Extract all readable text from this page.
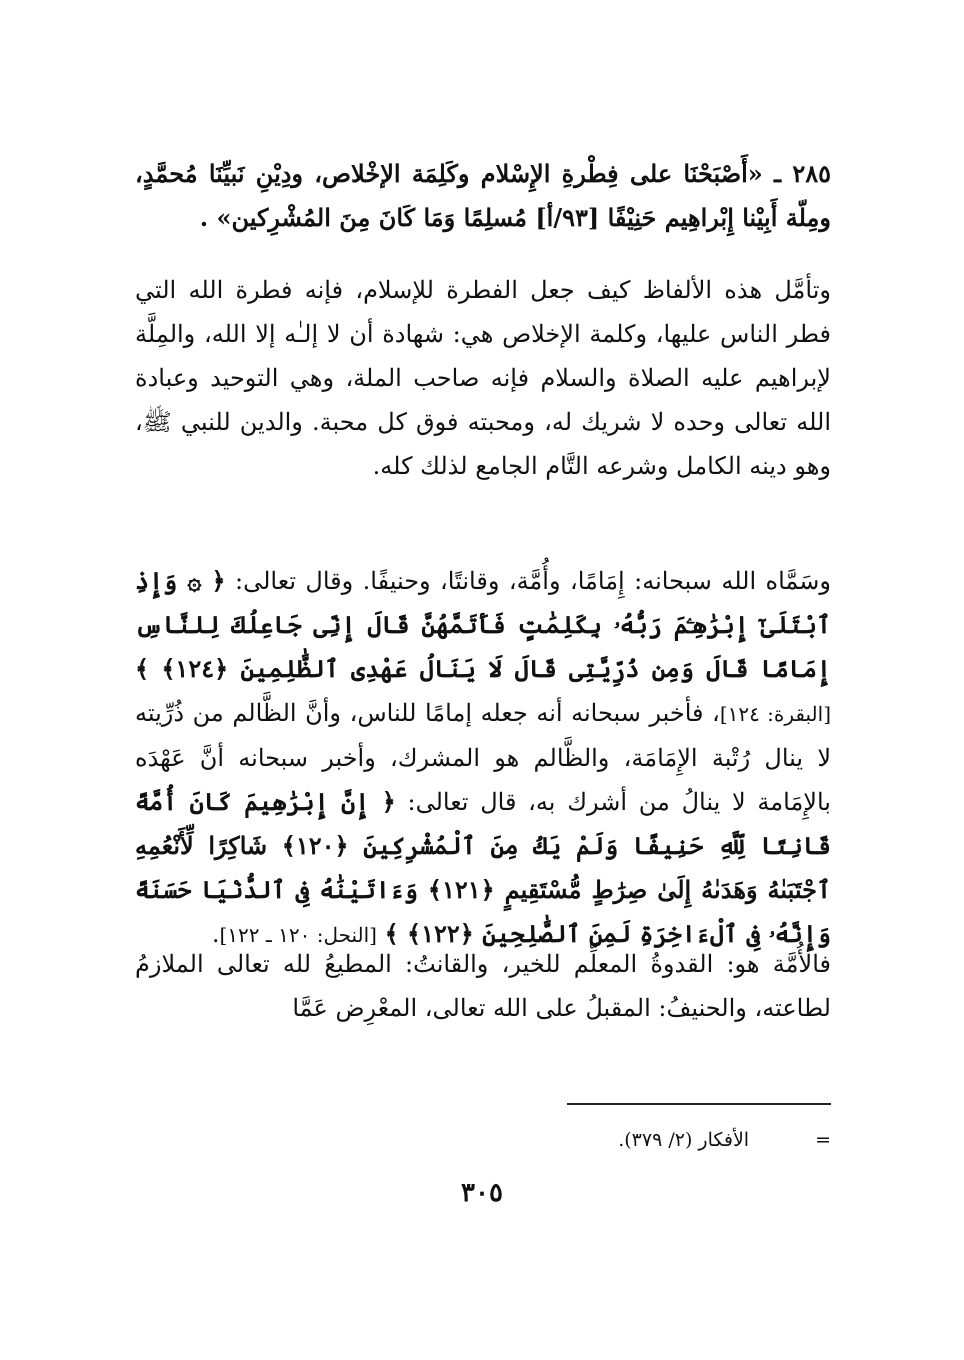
٢٨٥ ـ «أَصْبَحْنَا على فِطْرةِ الإِسْلام وكَلِمَة الإخْلاص، ودِيْنِ نَبيِّنَا مُحمَّدٍ، ومِلّة أَبِيْنا إِبْراهِيم حَنِيْفًا [٩٣/أ] مُسلِمًا وَمَا كَانَ مِنَ المُشْرِكين» .
وتأمَّل هذه الألفاظ كيف جعل الفطرة للإسلام، فإنه فطرة الله التي فطر الناس عليها، وكلمة الإخلاص هي: شهادة أن لا إلـٰه إلا الله، والمِلَّة لإبراهيم عليه الصلاة والسلام فإنه صاحب الملة، وهي التوحيد وعبادة الله تعالى وحده لا شريك له، ومحبته فوق كل محبة. والدين للنبي ﷺ، وهو دينه الكامل وشرعه التَّام الجامع لذلك كله.
وسَمَّاه الله سبحانه: إِمَامًا، وأُمَّة، وقانتًا، وحنيفًا. وقال تعالى: ﴿ ۞ وَإِذِ ٱبْتَلَىٰٓ إِبْرَٰهِـۧمَ رَبُّهُۥ بِكَلِمَٰتٍ فَأَتَمَّهُنَّ قَالَ إِنِّى جَاعِلُكَ لِلنَّاسِ إِمَامًا قَالَ وَمِن ذُرِّيَّتِى قَالَ لَا يَنَالُ عَهْدِى ٱلظَّٰلِمِينَ ﴿١٢٤﴾ ﴾ [البقرة: ١٢٤]، فأخبر سبحانه أنه جعله إمامًا للناس، وأنَّ الظَّالم من ذُرِّيته لا ينال رُتْبة الإِمَامَة، والظَّالم هو المشرك، وأخبر سبحانه أنَّ عَهْدَه بالإِمَامة لا ينالُ من أشرك به، قال تعالى: ﴿ إِنَّ إِبْرَٰهِيمَ كَانَ أُمَّةً قَانِتًا لِّلَّهِ حَنِيفًا وَلَمْ يَكُ مِنَ ٱلْمُشْرِكِينَ ﴿١٢٠﴾ شَاكِرًا لِّأَنْعُمِهِ ٱجْتَبَىٰهُ وَهَدَىٰهُ إِلَىٰ صِرَٰطٍ مُّسْتَقِيمٍ ﴿١٢١﴾ وَءَاتَيْنَٰهُ فِى ٱلدُّنْيَا حَسَنَةً وَإِنَّهُۥ فِى ٱلْءَاخِرَةِ لَمِنَ ٱلصَّٰلِحِينَ ﴿١٢٢﴾ ﴾ [النحل: ١٢٠ ـ ١٢٢].
فالأُمَّة هو: القدوةُ المعلِّم للخير، والقانتُ: المطيعُ لله تعالى الملازمُ لطاعته، والحنيفُ: المقبلُ على الله تعالى، المعْرِض عَمَّا
=الأفكار (٢/ ٣٧٩).
٣٠٥
